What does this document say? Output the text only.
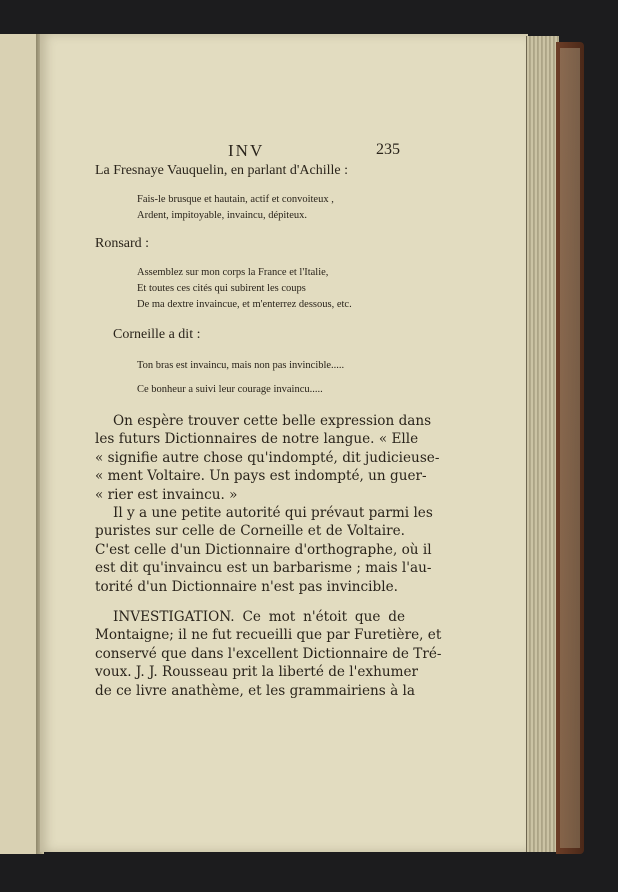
INV	235
La Fresnaye Vauquelin, en parlant d'Achille :
Fais-le brusque et hautain, actif et convoiteux ,
Ardent, impitoyable, invaincu, dépiteux.
Ronsard :
Assemblez sur mon corps la France et l'Italie,
Et toutes ces cités qui subirent les coups
De ma dextre invaincue, et m'enterrez dessous, etc.
Corneille a dit :
Ton bras est invaincu, mais non pas invincible.....
Ce bonheur a suivi leur courage invaincu.....
On espère trouver cette belle expression dans
les futurs Dictionnaires de notre langue. « Elle
« signifie autre chose qu'indompté, dit judicieuse-
« ment Voltaire. Un pays est indompté, un guer-
« rier est invaincu. »
Il y a une petite autorité qui prévaut parmi les
puristes sur celle de Corneille et de Voltaire.
C'est celle d'un Dictionnaire d'orthographe, où il
est dit qu'invaincu est un barbarisme ; mais l'au-
torité d'un Dictionnaire n'est pas invincible.
INVESTIGATION. Ce mot n'étoit que de
Montaigne; il ne fut recueilli que par Furetière, et
conservé que dans l'excellent Dictionnaire de Tré-
voux. J. J. Rousseau prit la liberté de l'exhumer
de ce livre anathème, et les grammairiens à la
